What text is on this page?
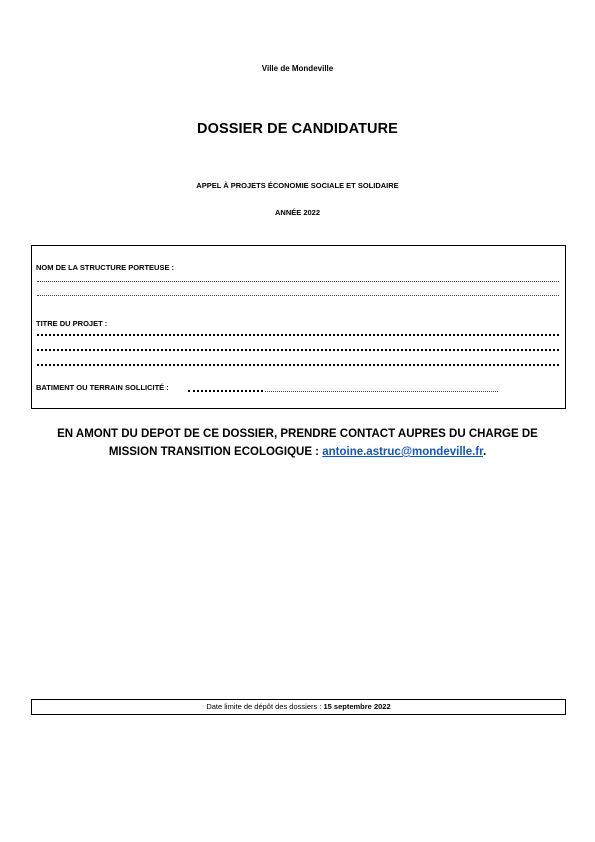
Ville de Mondeville
DOSSIER DE CANDIDATURE
APPEL À PROJETS ÉCONOMIE SOCIALE ET SOLIDAIRE
ANNÉE 2022
NOM DE LA STRUCTURE PORTEUSE :
TITRE DU PROJET :
BATIMENT OU TERRAIN SOLLICITÉ :
EN AMONT DU DEPOT DE CE DOSSIER, PRENDRE CONTACT AUPRES DU CHARGE DE
MISSION TRANSITION ECOLOGIQUE : antoine.astruc@mondeville.fr.
Date limite de dépôt des dossiers : 15 septembre 2022
